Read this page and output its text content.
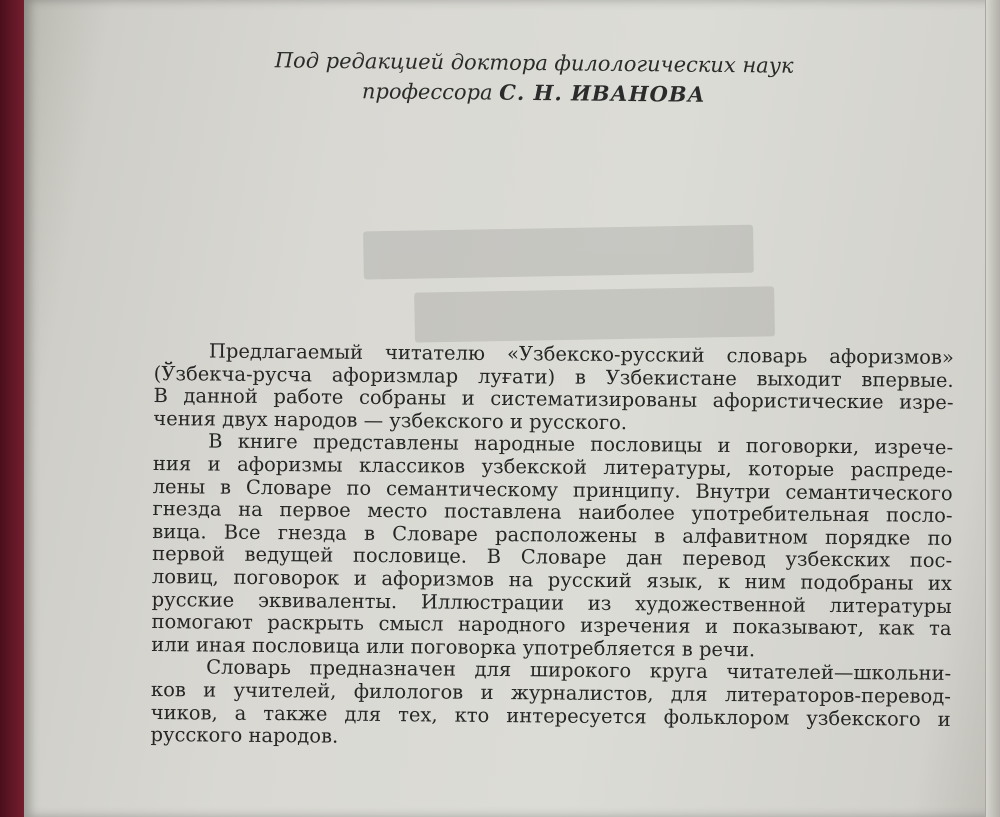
Под редакцией доктора филологических наук
профессора С. Н. ИВАНОВА
Предлагаемый читателю «Узбекско-русский словарь афоризмов»
(Ўзбекча-русча афоризмлар луғати) в Узбекистане выходит впервые.
В данной работе собраны и систематизированы афористические изре-
чения двух народов — узбекского и русского.
В книге представлены народные пословицы и поговорки, изрече-
ния и афоризмы классиков узбекской литературы, которые распреде-
лены в Словаре по семантическому принципу. Внутри семантического
гнезда на первое место поставлена наиболее употребительная посло-
вица. Все гнезда в Словаре расположены в алфавитном порядке по
первой ведущей пословице. В Словаре дан перевод узбекских пос-
ловиц, поговорок и афоризмов на русский язык, к ним подобраны их
русские эквиваленты. Иллюстрации из художественной литературы
помогают раскрыть смысл народного изречения и показывают, как та
или иная пословица или поговорка употребляется в речи.
Словарь предназначен для широкого круга читателей—школьни-
ков и учителей, филологов и журналистов, для литераторов-перевод-
чиков, а также для тех, кто интересуется фольклором узбекского и
русского народов.
